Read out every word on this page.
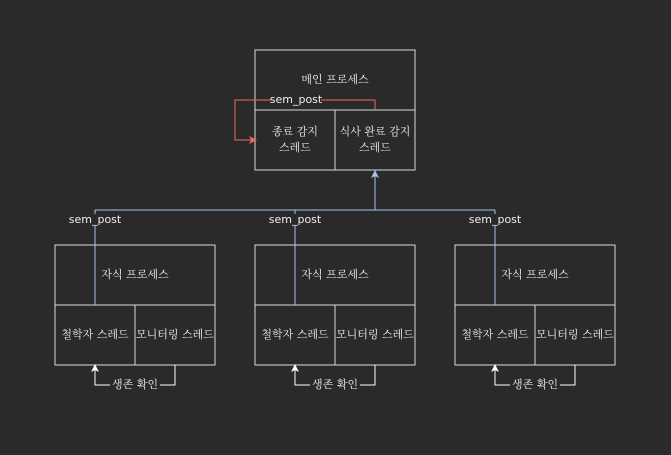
메인 프로세스
종료 감지
스레드
식사 완료 감지
스레드
sem_post
자식 프로세스
철학자 스레드 모니터링 스레드
sem_post
생존 확인
자식 프로세스
철학자 스레드 모니터링 스레드
sem_post
생존 확인
자식 프로세스
철학자 스레드 모니터링 스레드
sem_post
생존 확인
